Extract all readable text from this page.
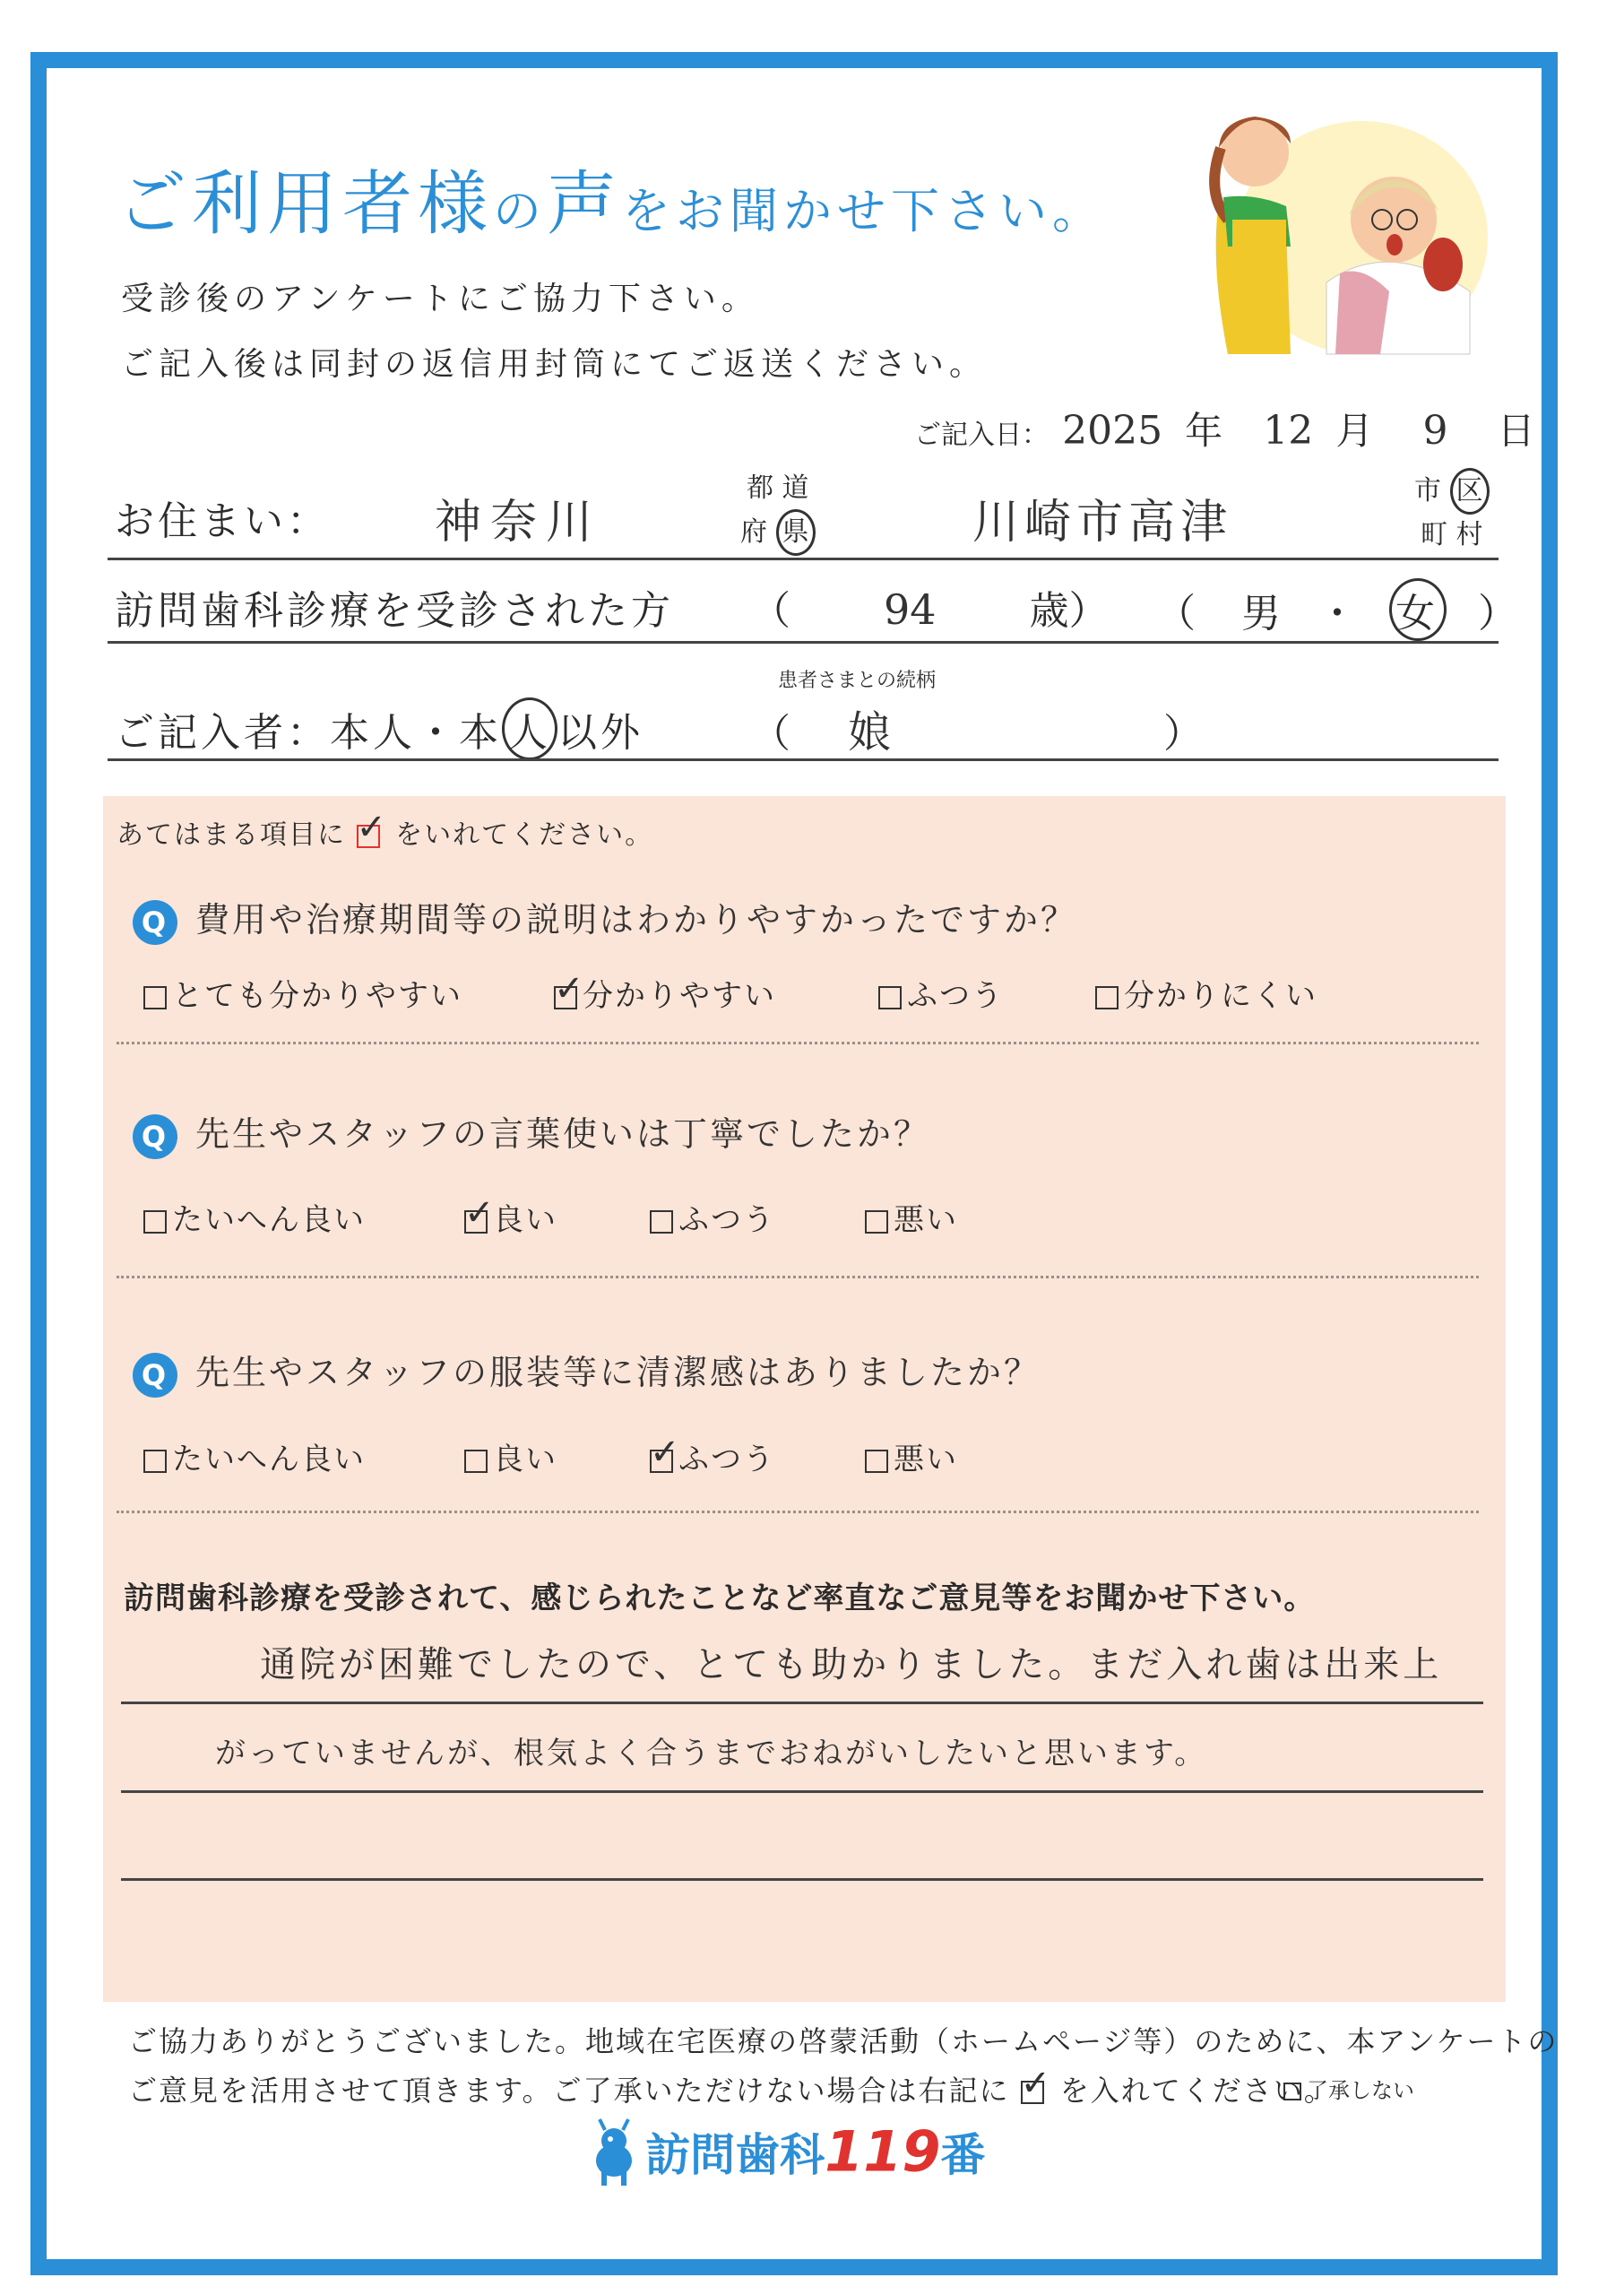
ご利用者様の声をお聞かせ下さい。
受診後のアンケートにご協力下さい。
ご記入後は同封の返信用封筒にてご返送ください。
ご記入日： 2025 年 12 月 9 日
お住まい： 神奈川
都 道
府 県	川崎市高津
市 区
町 村
訪問歯科診療を受診された方 （ 94 歳） （ 男 ・ 女 ）
患者さまとの続柄
ご記入者：本人・本 人 以外	（ 娘	）
あてはまる項目に ✓ をいれてください。
Q 費用や治療期間等の説明はわかりやすかったですか？
とても分かりやすい ✓	分かりやすい	ふつう	分かりにくい
Q 先生やスタッフの言葉使いは丁寧でしたか？
たいへん良い ✓	良い	ふつう	悪い
Q 先生やスタッフの服装等に清潔感はありましたか？
たいへん良い	良い ✓	ふつう	悪い
訪問歯科診療を受診されて、感じられたことなど率直なご意見等をお聞かせ下さい。
通院が困難でしたので、とても助かりました。まだ入れ歯は出来上
がっていませんが、根気よく合うまでおねがいしたいと思います。
ご協力ありがとうございました。地域在宅医療の啓蒙活動（ホームページ等）のために、本アンケートの
ご意見を活用させて頂きます。ご了承いただけない場合は右記に ✓ を入れてください。
了承しない
訪問歯科119番
